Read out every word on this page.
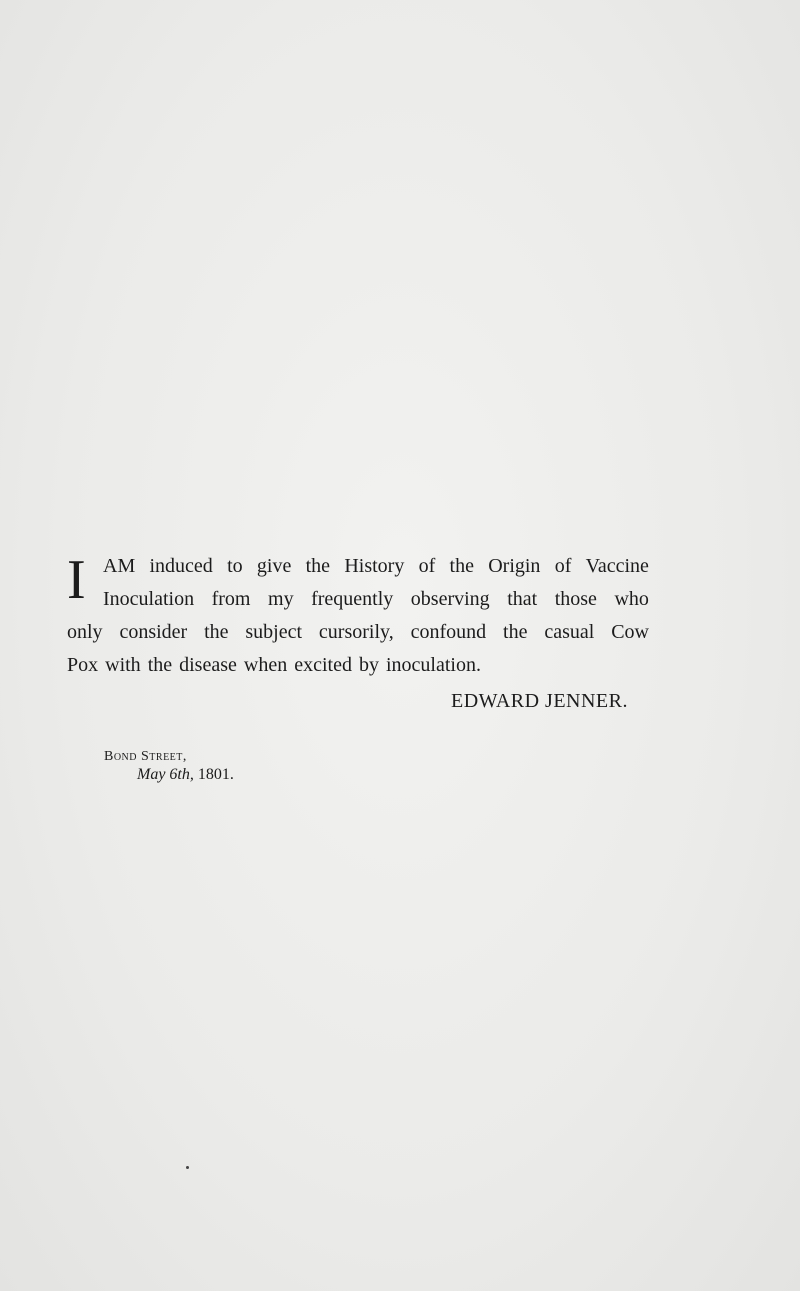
I AM induced to give the History of the Origin of Vaccine
Inoculation from my frequently observing that those who
only consider the subject cursorily, confound the casual Cow
Pox with the disease when excited by inoculation.
EDWARD JENNER.
Bond Street,
May 6th, 1801.
